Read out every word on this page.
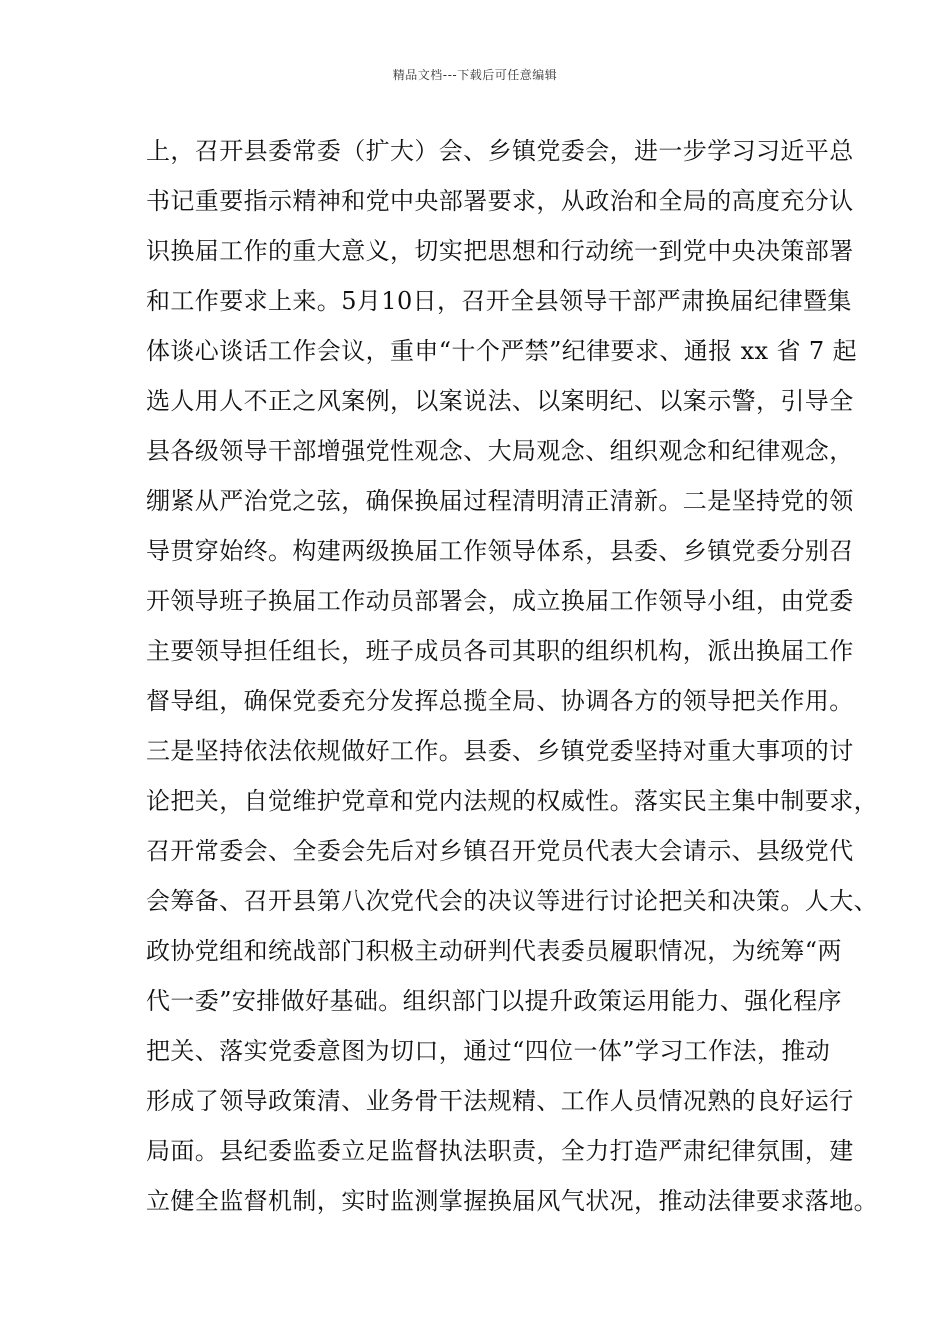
精品文档---下载后可任意编辑
上，召开县委常委（扩大）会、乡镇党委会，进一步学习习近平总
书记重要指示精神和党中央部署要求，从政治和全局的高度充分认
识换届工作的重大意义，切实把思想和行动统一到党中央决策部署
和工作要求上来。5月10日，召开全县领导干部严肃换届纪律暨集
体谈心谈话工作会议，重申“十个严禁”纪律要求、通报 xx 省 7 起
选人用人不正之风案例，以案说法、以案明纪、以案示警，引导全
县各级领导干部增强党性观念、大局观念、组织观念和纪律观念，
绷紧从严治党之弦，确保换届过程清明清正清新。二是坚持党的领
导贯穿始终。构建两级换届工作领导体系，县委、乡镇党委分别召
开领导班子换届工作动员部署会，成立换届工作领导小组，由党委
主要领导担任组长，班子成员各司其职的组织机构，派出换届工作
督导组，确保党委充分发挥总揽全局、协调各方的领导把关作用。
三是坚持依法依规做好工作。县委、乡镇党委坚持对重大事项的讨
论把关，自觉维护党章和党内法规的权威性。落实民主集中制要求，
召开常委会、全委会先后对乡镇召开党员代表大会请示、县级党代
会筹备、召开县第八次党代会的决议等进行讨论把关和决策。人大、
政协党组和统战部门积极主动研判代表委员履职情况，为统筹“两
代一委”安排做好基础。组织部门以提升政策运用能力、强化程序
把关、落实党委意图为切口，通过“四位一体”学习工作法，推动
形成了领导政策清、业务骨干法规精、工作人员情况熟的良好运行
局面。县纪委监委立足监督执法职责，全力打造严肃纪律氛围，建
立健全监督机制，实时监测掌握换届风气状况，推动法律要求落地。
